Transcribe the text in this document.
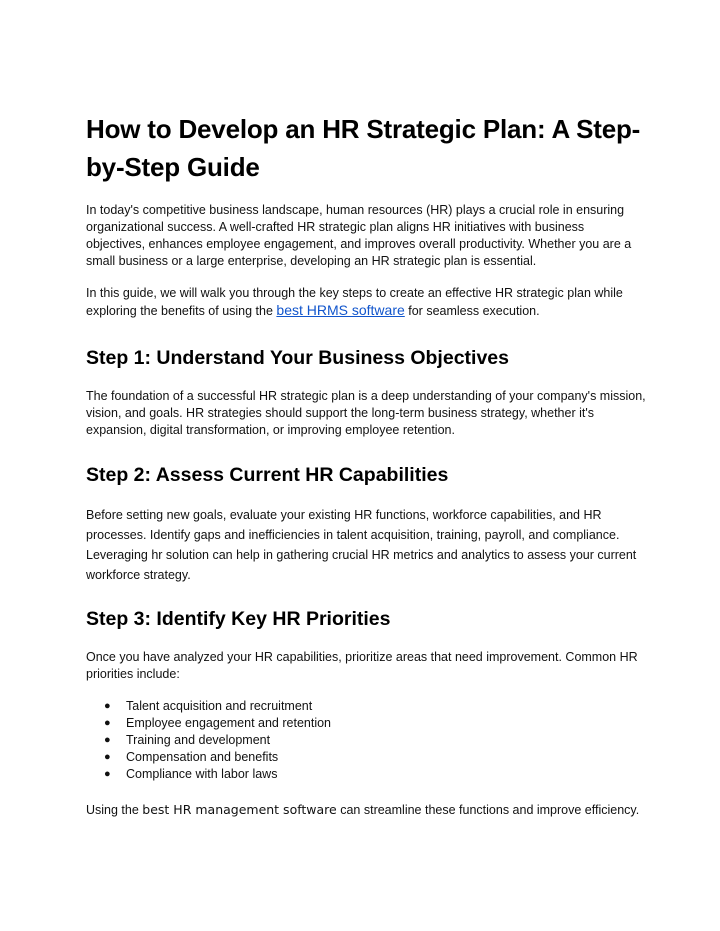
How to Develop an HR Strategic Plan: A Step-by-Step Guide

In today's competitive business landscape, human resources (HR) plays a crucial role in ensuring organizational success. A well-crafted HR strategic plan aligns HR initiatives with business objectives, enhances employee engagement, and improves overall productivity. Whether you are a small business or a large enterprise, developing an HR strategic plan is essential.

In this guide, we will walk you through the key steps to create an effective HR strategic plan while exploring the benefits of using the best HRMS software for seamless execution.

Step 1: Understand Your Business Objectives

The foundation of a successful HR strategic plan is a deep understanding of your company's mission, vision, and goals. HR strategies should support the long-term business strategy, whether it's expansion, digital transformation, or improving employee retention.

Step 2: Assess Current HR Capabilities

Before setting new goals, evaluate your existing HR functions, workforce capabilities, and HR processes. Identify gaps and inefficiencies in talent acquisition, training, payroll, and compliance. Leveraging hr solution can help in gathering crucial HR metrics and analytics to assess your current workforce strategy.

Step 3: Identify Key HR Priorities

Once you have analyzed your HR capabilities, prioritize areas that need improvement. Common HR priorities include:

● Talent acquisition and recruitment
● Employee engagement and retention
● Training and development
● Compensation and benefits
● Compliance with labor laws

Using the best HR management software can streamline these functions and improve efficiency.
